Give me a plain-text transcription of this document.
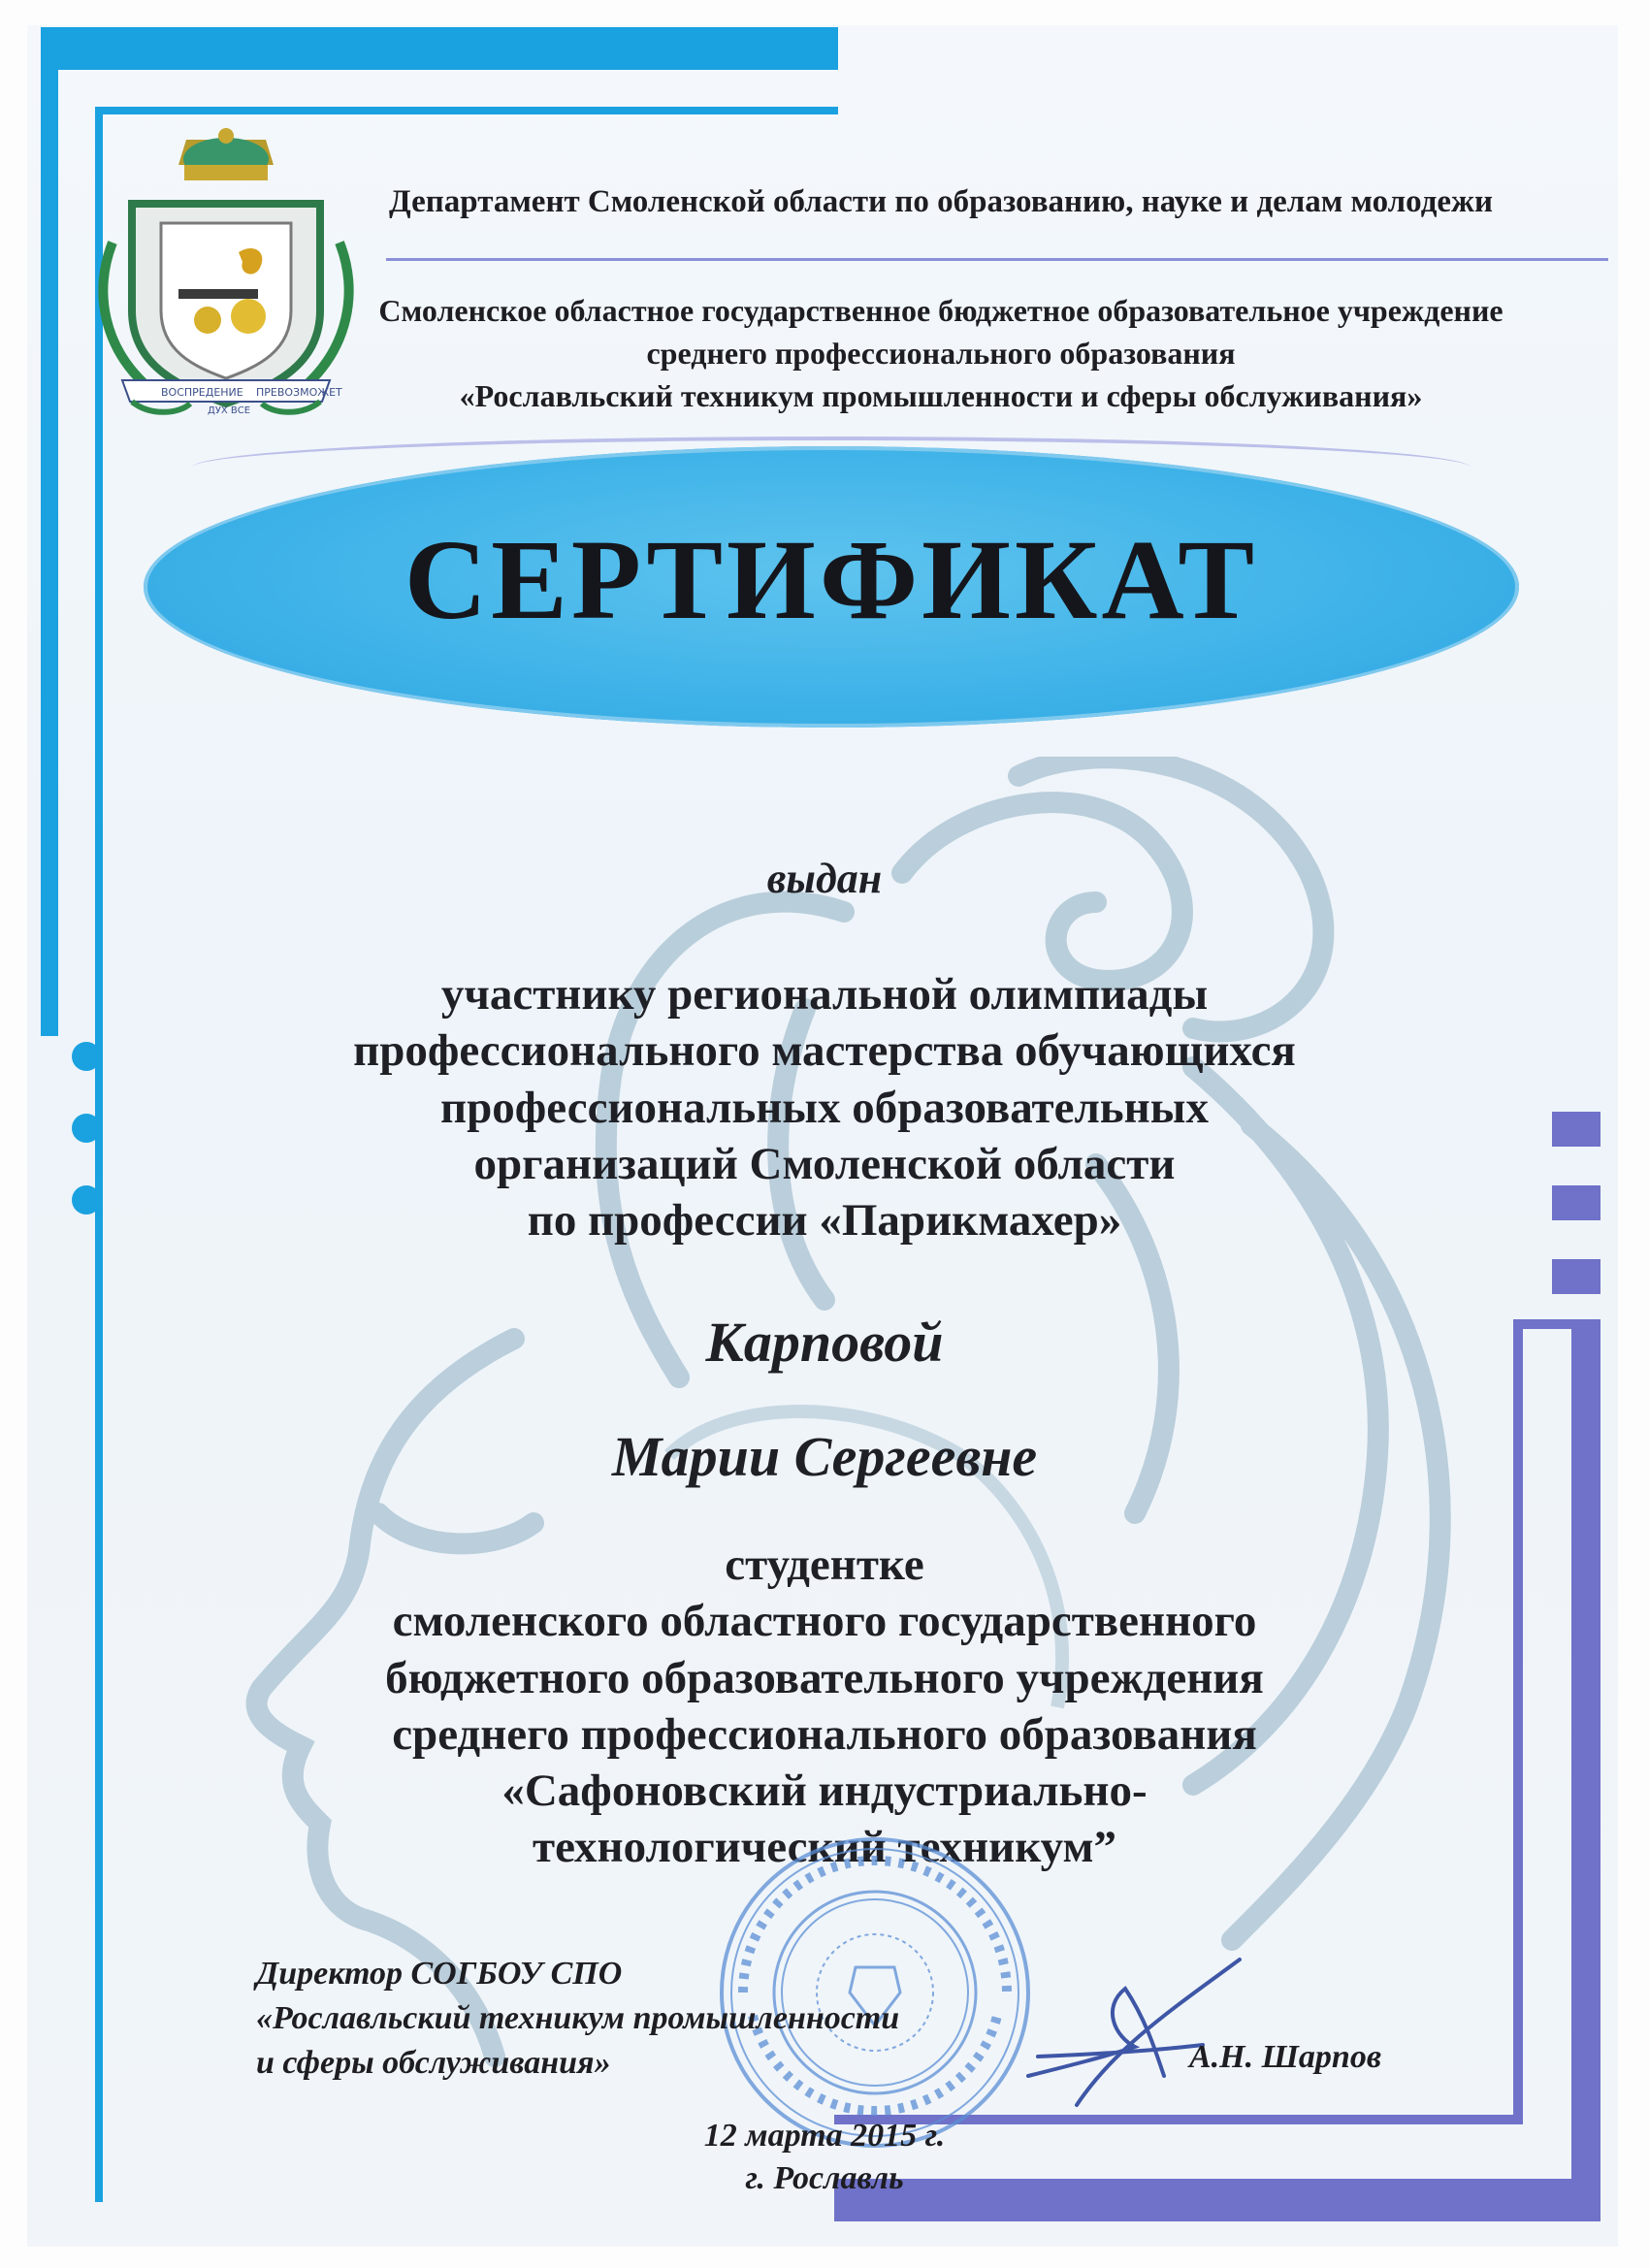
ВОСПРЕДЕНИЕ
ДУХ ВСЕ
ПРЕВОЗМОЖЕТ
Департамент Смоленской области по образованию, науке и делам молодежи
Смоленское областное государственное бюджетное образовательное учреждение
среднего профессионального образования
«Рославльский техникум промышленности и сферы обслуживания»
СЕРТИФИКАТ
выдан
участнику региональной олимпиады
профессионального мастерства обучающихся
профессиональных образовательных
организаций Смоленской области
по профессии «Парикмахер»
Карповой
Марии Сергеевне
студентке
смоленского областного государственного
бюджетного образовательного учреждения
среднего профессионального образования
«Сафоновский индустриально-
технологический техникум”
Директор СОГБОУ СПО
«Рославльский техникум промышленности
и сферы обслуживания»	А.Н. Шарпов
12 марта 2015 г.
г. Рославль
